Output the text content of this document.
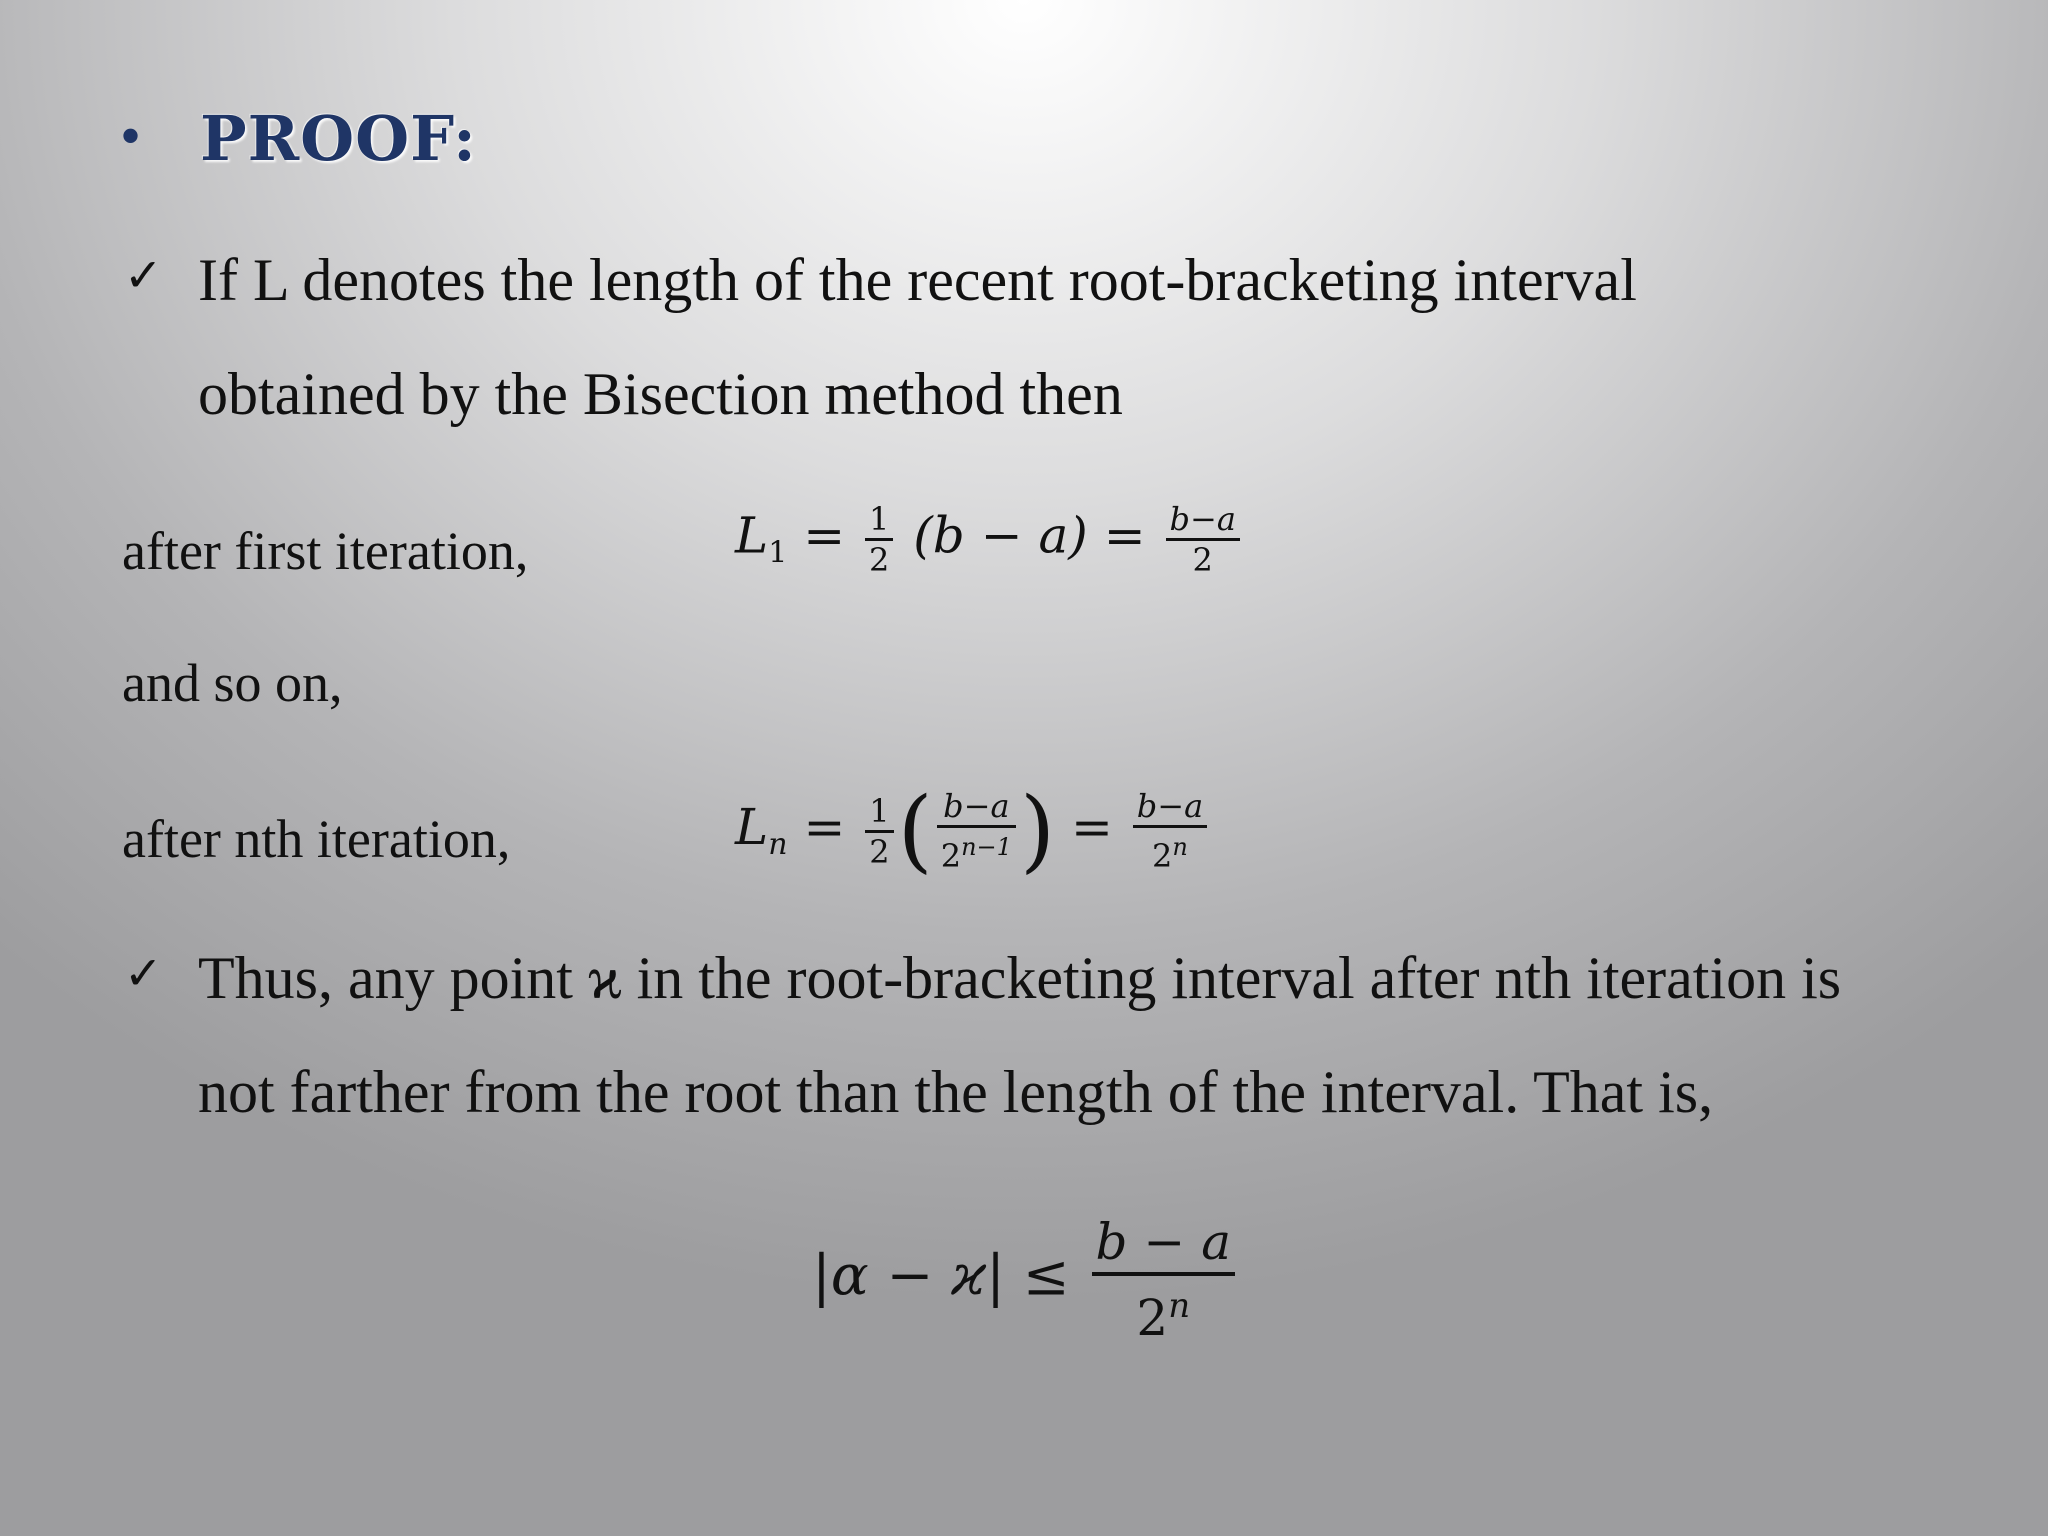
• PROOF:
✓ If L denotes the length of the recent root-bracketing interval
obtained by the Bisection method then
after first iteration,	$L_1 = \frac{1}{2} (b - a) = \frac{b-a}{2}$
and so on,
after nth iteration,	$L_n = \frac{1}{2}$ ( $\frac{b-a}{2^{n-1}}$ ) = $\frac{b-a}{2^n}$
✓ Thus, any point ϰ in the root-bracketing interval after nth iteration is
not farther from the root than the length of the interval. That is,
$|\alpha - ϰ| \le \frac{b - a}{2^n}$
